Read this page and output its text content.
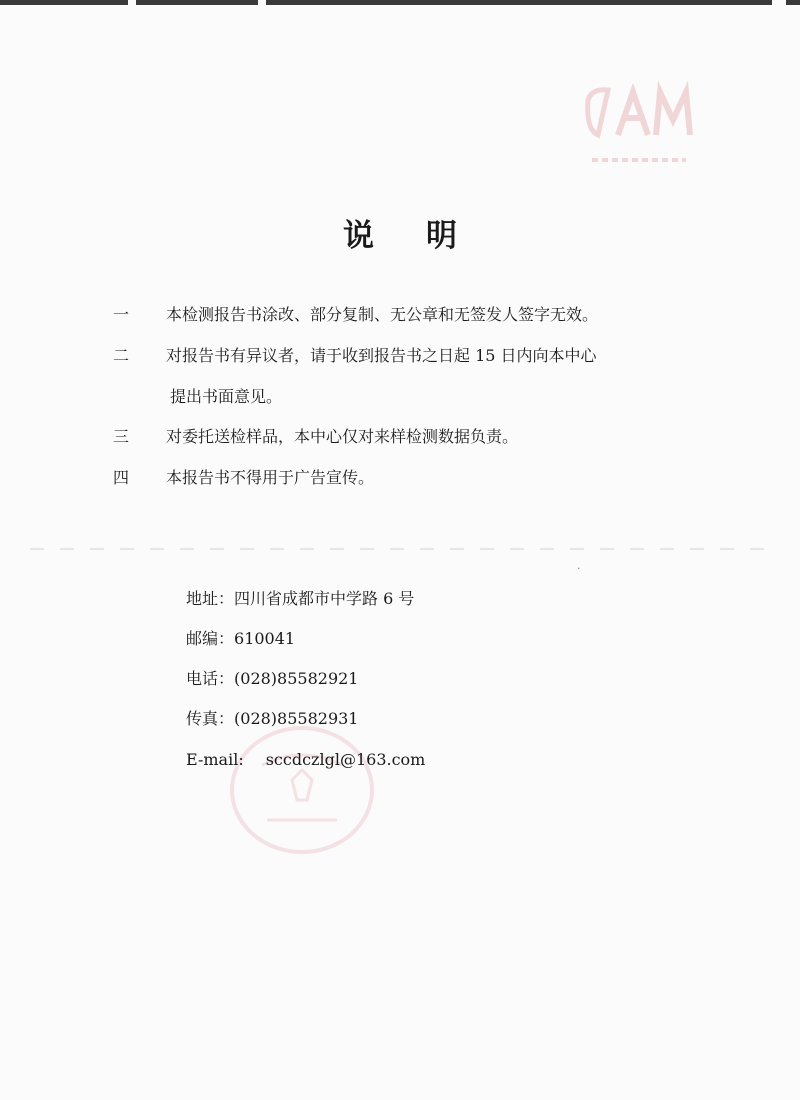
说 明
一	本检测报告书涂改、部分复制、无公章和无签发人签字无效。
二	对报告书有异议者，请于收到报告书之日起 15 日内向本中心
提出书面意见。
三	对委托送检样品，本中心仅对来样检测数据负责。
四	本报告书不得用于广告宣传。
·
地址：四川省成都市中学路 6 号
邮编：610041
电话：(028)85582921
传真：(028)85582931
E-mail: sccdczlgl@163.com
